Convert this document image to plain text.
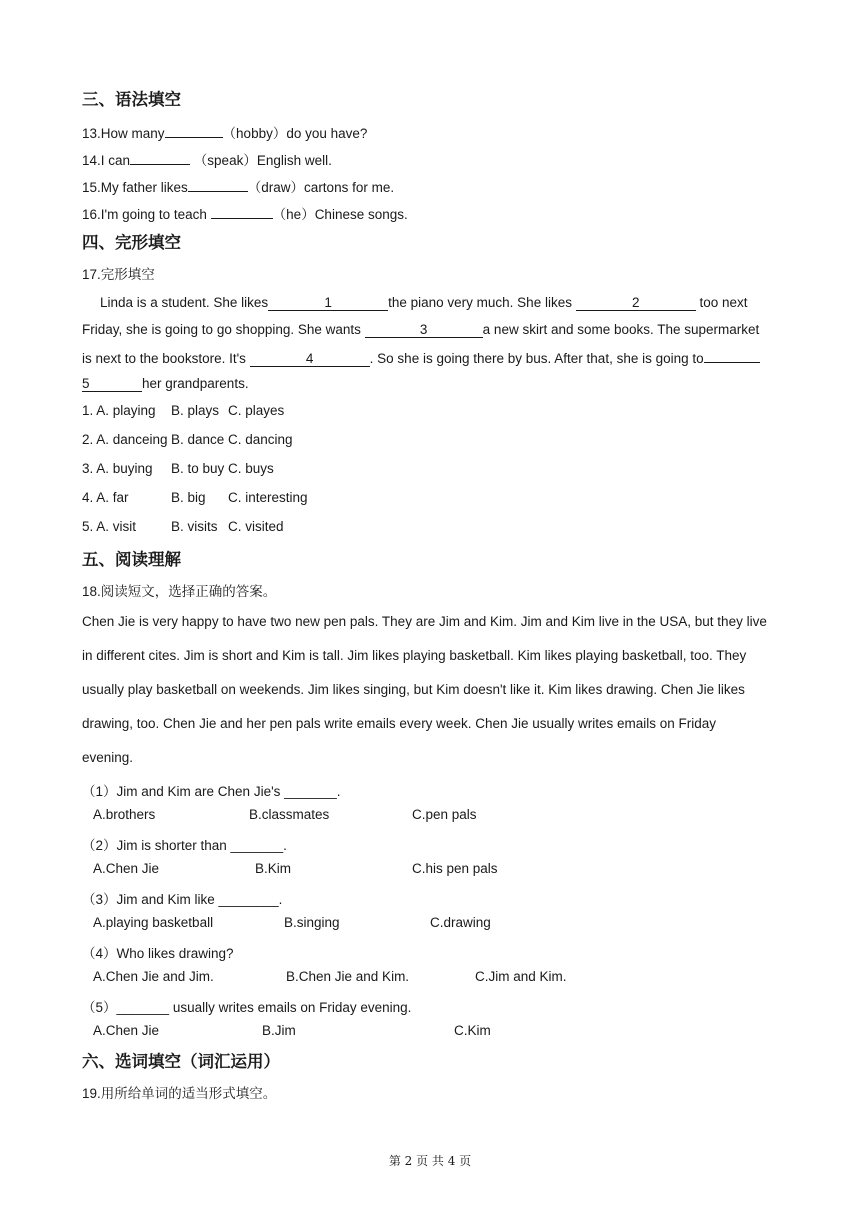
三、语法填空
13.How many	（hobby）do you have?
14.I can	（speak）English well.
15.My father likes	（draw）cartons for me.
16.I'm going to teach	（he）Chinese songs.
四、完形填空
17.完形填空
Linda is a student. She likes	1	the piano very much. She likes	2	too next
Friday, she is going to go shopping. She wants	3	a new skirt and some books. The supermarket
is next to the bookstore. It's	4	. So she is going there by bus. After that, she is going to
5	her grandparents.
1. A. playing B. plays C. playes
2. A. danceing B. dance C. dancing
3. A. buying B. to buy C. buys
4. A. far	B. big C. interesting
5. A. visit	B. visits C. visited
五、阅读理解
18.阅读短文，选择正确的答案。
Chen Jie is very happy to have two new pen pals. They are Jim and Kim. Jim and Kim live in the USA, but they live
in different cites. Jim is short and Kim is tall. Jim likes playing basketball. Kim likes playing basketball, too. They
usually play basketball on weekends. Jim likes singing, but Kim doesn't like it. Kim likes drawing. Chen Jie likes
drawing, too. Chen Jie and her pen pals write emails every week. Chen Jie usually writes emails on Friday
evening.
（1）Jim and Kim are Chen Jie's _______.
A.brothers	B.classmates	C.pen pals
（2）Jim is shorter than _______.
A.Chen Jie	B.Kim	C.his pen pals
（3）Jim and Kim like ________.
A.playing basketball	B.singing	C.drawing
（4）Who likes drawing?
A.Chen Jie and Jim.	B.Chen Jie and Kim.	C.Jim and Kim.
（5）_______ usually writes emails on Friday evening.
A.Chen Jie	B.Jim	C.Kim
六、选词填空（词汇运用）
19.用所给单词的适当形式填空。
第 2 页 共 4 页
